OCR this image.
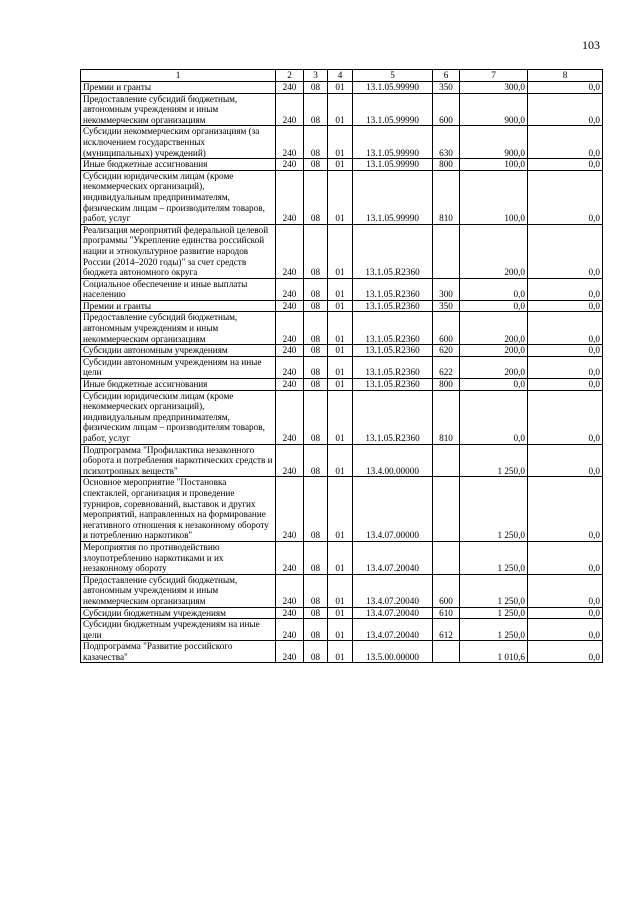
103
1	2	3	4	5	6	7	8
Премии и гранты	240	08	01	13.1.05.99990	350	300,0	0,0
Предоставление субсидий бюджетным, автономным учреждениям и иным некоммерческим организациям	240	08	01	13.1.05.99990	600	900,0	0,0
Субсидии некоммерческим организациям (за исключением государственных (муниципальных) учреждений)	240	08	01	13.1.05.99990	630	900,0	0,0
Иные бюджетные ассигнования	240	08	01	13.1.05.99990	800	100,0	0,0
Субсидии юридическим лицам (кроме некоммерческих организаций), индивидуальным предпринимателям, физическим лицам – производителям товаров, работ, услуг	240	08	01	13.1.05.99990	810	100,0	0,0
Реализация мероприятий федеральной целевой программы "Укрепление единства российской нации и этнокультурное развитие народов России (2014–2020 годы)" за счет средств бюджета автономного округа	240	08	01	13.1.05.R2360		200,0	0,0
Социальное обеспечение и иные выплаты населению	240	08	01	13.1.05.R2360	300	0,0	0,0
Премии и гранты	240	08	01	13.1.05.R2360	350	0,0	0,0
Предоставление субсидий бюджетным, автономным учреждениям и иным некоммерческим организациям	240	08	01	13.1.05.R2360	600	200,0	0,0
Субсидии автономным учреждениям	240	08	01	13.1.05.R2360	620	200,0	0,0
Субсидии автономным учреждениям на иные цели	240	08	01	13.1.05.R2360	622	200,0	0,0
Иные бюджетные ассигнования	240	08	01	13.1.05.R2360	800	0,0	0,0
Субсидии юридическим лицам (кроме некоммерческих организаций), индивидуальным предпринимателям, физическим лицам – производителям товаров, работ, услуг	240	08	01	13.1.05.R2360	810	0,0	0,0
Подпрограмма "Профилактика незаконного оборота и потребления наркотических средств и психотропных веществ"	240	08	01	13.4.00.00000		1 250,0	0,0
Основное мероприятие "Постановка спектаклей, организация и проведение турниров, соревнований, выставок и других мероприятий, направленных на формирование негативного отношения к незаконному обороту и потреблению наркотиков"	240	08	01	13.4.07.00000		1 250,0	0,0
Мероприятия по противодействию злоупотреблению наркотиками и их незаконному обороту	240	08	01	13.4.07.20040		1 250,0	0,0
Предоставление субсидий бюджетным, автономным учреждениям и иным некоммерческим организациям	240	08	01	13.4.07.20040	600	1 250,0	0,0
Субсидии бюджетным учреждениям	240	08	01	13.4.07.20040	610	1 250,0	0,0
Субсидии бюджетным учреждениям на иные цели	240	08	01	13.4.07.20040	612	1 250,0	0,0
Подпрограмма "Развитие российского казачества"	240	08	01	13.5.00.00000		1 010,6	0,0
